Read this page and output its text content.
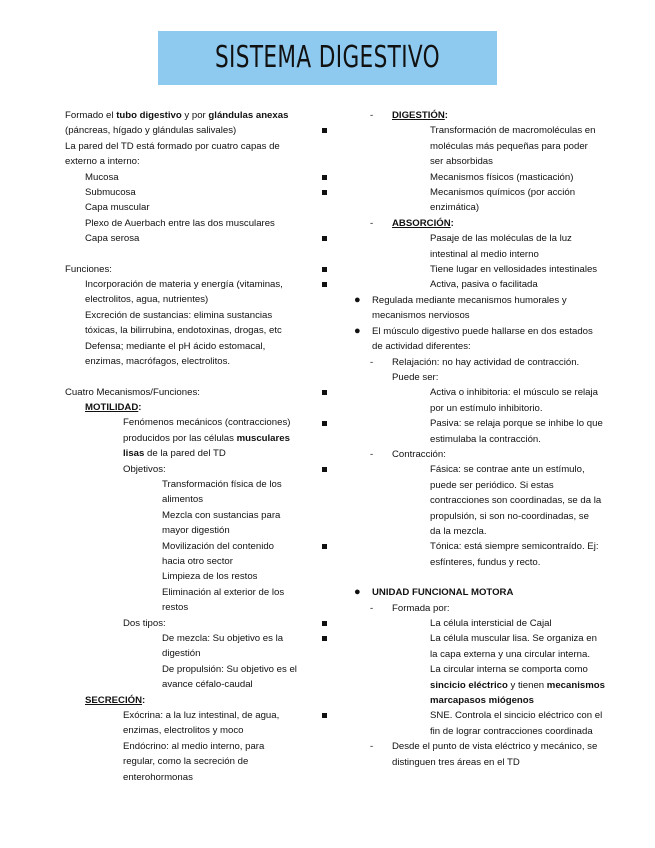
SISTEMA DIGESTIVO
Formado el tubo digestivo y por glándulas anexas
(páncreas, hígado y glándulas salivales)
La pared del TD está formado por cuatro capas de
externo a interno:
Mucosa
Submucosa
Capa muscular
Plexo de Auerbach entre las dos musculares
Capa serosa
Funciones:
Incorporación de materia y energía (vitaminas,
electrolitos, agua, nutrientes)
Excreción de sustancias: elimina sustancias
tóxicas, la bilirrubina, endotoxinas, drogas, etc
Defensa; mediante el pH ácido estomacal,
enzimas, macrófagos, electrolitos.
Cuatro Mecanismos/Funciones:
MOTILIDAD:
Fenómenos mecánicos (contracciones)
producidos por las células musculares
lisas de la pared del TD
Objetivos:
Transformación física de los
alimentos
Mezcla con sustancias para
mayor digestión
Movilización del contenido
hacia otro sector
Limpieza de los restos
Eliminación al exterior de los
restos
Dos tipos:
De mezcla: Su objetivo es la
digestión
De propulsión: Su objetivo es el
avance céfalo-caudal
SECRECIÓN:
Exócrina: a la luz intestinal, de agua,
enzimas, electrolitos y moco
Endócrino: al medio interno, para
regular, como la secreción de
enterohormonas
- DIGESTIÓN:
Transformación de macromoléculas en
moléculas más pequeñas para poder
ser absorbidas
Mecanismos físicos (masticación)
Mecanismos químicos (por acción
enzimática)
- ABSORCIÓN:
Pasaje de las moléculas de la luz
intestinal al medio interno
Tiene lugar en vellosidades intestinales
Activa, pasiva o facilitada
● Regulada mediante mecanismos humorales y
mecanismos nerviosos
● El músculo digestivo puede hallarse en dos estados
de actividad diferentes:
- Relajación: no hay actividad de contracción.
Puede ser:
Activa o inhibitoria: el músculo se relaja
por un estímulo inhibitorio.
Pasiva: se relaja porque se inhibe lo que
estimulaba la contracción.
- Contracción:
Fásica: se contrae ante un estímulo,
puede ser periódico. Si estas
contracciones son coordinadas, se da la
propulsión, si son no-coordinadas, se
da la mezcla.
Tónica: está siempre semicontraído. Ej:
esfínteres, fundus y recto.
● UNIDAD FUNCIONAL MOTORA
- Formada por:
La célula intersticial de Cajal
La célula muscular lisa. Se organiza en
la capa externa y una circular interna.
La circular interna se comporta como
sincicio eléctrico y tienen mecanismos
marcapasos miógenos
SNE. Controla el sincicio eléctrico con el
fin de lograr contracciones coordinada
- Desde el punto de vista eléctrico y mecánico, se
distinguen tres áreas en el TD
